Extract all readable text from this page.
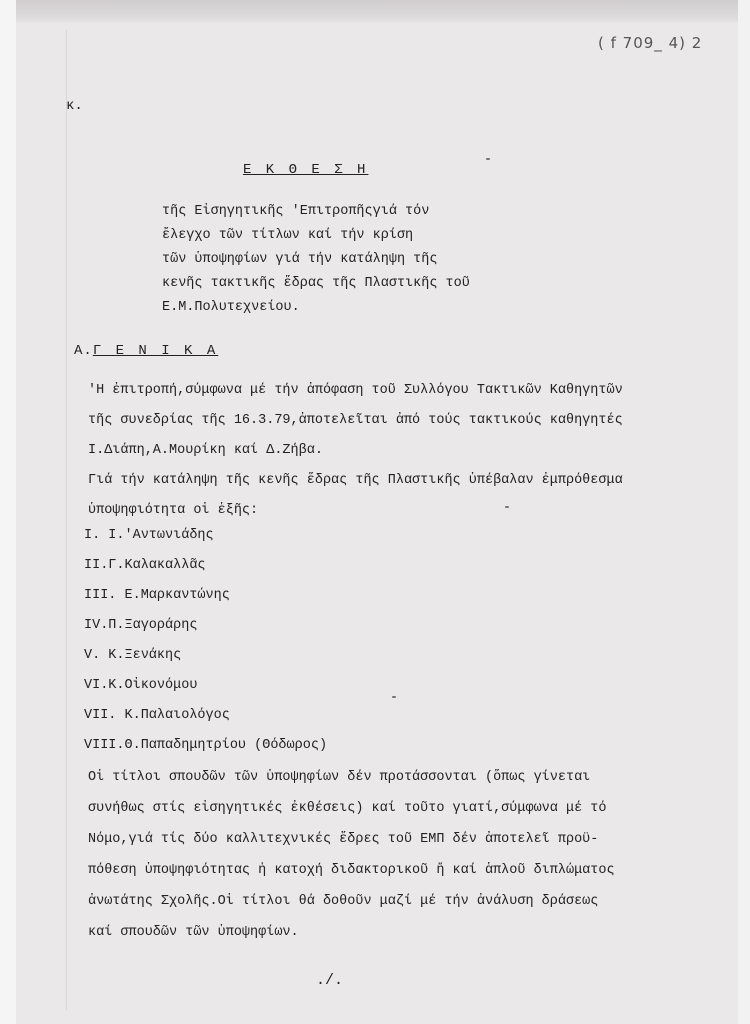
( f 709_ 4) 2
κ.
Ε Κ Θ Ε Σ Η
τῆς Εἰσηγητικῆς 'Επιτροπῆςγιά τόν
ἔλεγχο τῶν τίτλων καί τήν κρίση
τῶν ὑποψηφίων γιά τήν κατάληψη τῆς
κενῆς τακτικῆς ἕδρας τῆς Πλαστικῆς τοῦ
Ε.Μ.Πολυτεχνείου.
Α.Γ Ε Ν Ι Κ Α
'Η ἐπιτροπή,σύμφωνα μέ τήν ἀπόφαση τοῦ Συλλόγου Τακτικῶν Καθηγητῶν
τῆς συνεδρίας τῆς 16.3.79,ἀποτελεῖται ἀπό τούς τακτικούς καθηγητές
Ι.Διάπη,Α.Μουρίκη καί Δ.Ζήβα.
Γιά τήν κατάληψη τῆς κενῆς ἕδρας τῆς Πλαστικῆς ὑπέβαλαν ἐμπρόθεσμα
ὑποψηφιότητα οἱ ἑξῆς:
I. Ι.'Αντωνιάδης
II.Γ.Καλακαλλᾶς
III. Ε.Μαρκαντώνης
IV.Π.Ξαγοράρης
V. Κ.Ξενάκης
VI.Κ.Οἰκονόμου
VII. Κ.Παλαιολόγος
VIII.Θ.Παπαδημητρίου (Θόδωρος)
Οἱ τίτλοι σπουδῶν τῶν ὑποψηφίων δέν προτάσσονται (ὅπως γίνεται
συνήθως στίς εἰσηγητικές ἐκθέσεις) καί τοῦτο γιατί,σύμφωνα μέ τό
Νόμο,γιά τίς δύο καλλιτεχνικές ἕδρες τοῦ ΕΜΠ δέν ἀποτελεῖ προϋ-
πόθεση ὑποψηφιότητας ἡ κατοχή διδακτορικοῦ ἤ καί ἁπλοῦ διπλώματος
ἀνωτάτης Σχολῆς.Οἱ τίτλοι θά δοθοῦν μαζί μέ τήν ἀνάλυση δράσεως
καί σπουδῶν τῶν ὑποψηφίων.
./.
